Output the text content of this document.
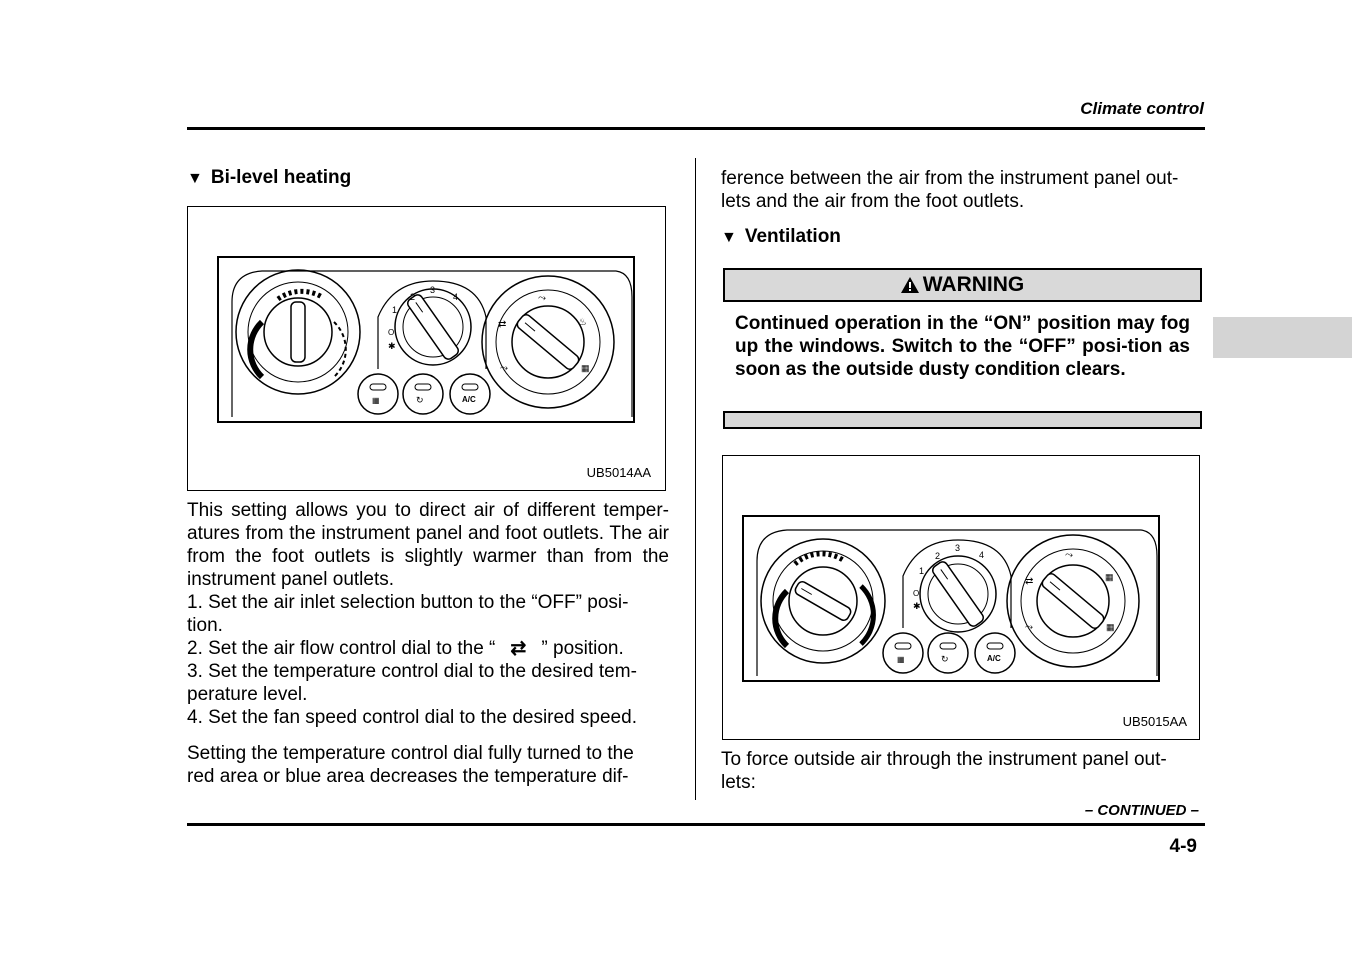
Climate control
▼ Bi-level heating
1
2
3
4
O
✱
⤳
⇄	♨
⤳	▦
▦	↻	A/C
UB5014AA

This setting allows you to direct air of different temper-atures from the instrument panel and foot outlets. The air from the foot outlets is slightly warmer than from the instrument panel outlets.

1. Set the air inlet selection button to the “OFF” posi-

tion.

2. Set the air flow control dial to the “ ⇄ ” position.

3. Set the temperature control dial to the desired tem-

perature level.

4. Set the fan speed control dial to the desired speed.

Setting the temperature control dial fully turned to the

red area or blue area decreases the temperature dif-

ference between the air from the instrument panel out-

lets and the air from the foot outlets.

▼ Ventilation
WARNING
Continued operation in the “ON” position may fog up the windows. Switch to the “OFF” posi-tion as soon as the outside dusty condition clears.
1
2
3
4
O
✱
⤳
⇄	▦
⤳	▦
▦	↻	A/C
UB5015AA

To force outside air through the instrument panel out-

lets:

– CONTINUED –
4-9
